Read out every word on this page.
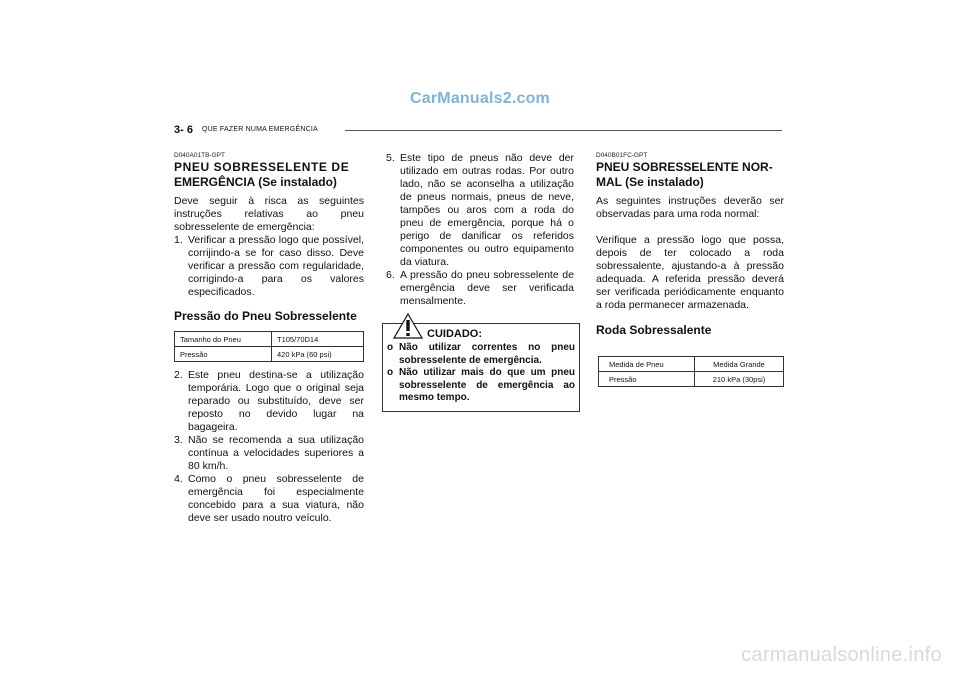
CarManuals2.com
3- 6 QUE FAZER NUMA EMERGÊNCIA
D040A01TB-GPT
PNEU SOBRESSELENTE DE
EMERGÊNCIA (Se instalado)
Deve seguir à risca as seguintes instruções relativas ao pneu sobresselente de emergência:
1. Verificar a pressão logo que possível, corrijindo-a se for caso disso. Deve verificar a pressão com regularidade, corrigindo-a para os valores especificados.
Pressão do Pneu Sobresselente
Tamanho do Pneu	T105/70D14
Pressão	420 kPa (60 psi)
2. Este pneu destina-se a utilização temporária. Logo que o original seja reparado ou substituído, deve ser reposto no devido lugar na bagageira.
3. Não se recomenda a sua utilização contínua a velocidades superiores a 80 km/h.
4. Como o pneu sobresselente de emergência foi especialmente concebido para a sua viatura, não deve ser usado noutro veículo.
5. Este tipo de pneus não deve der utilizado em outras rodas. Por outro lado, não se aconselha a utilização de pneus normais, pneus de neve, tampões ou aros com a roda do pneu de emergência, porque há o perigo de danificar os referidos componentes ou outro equipamento da viatura.
6. A pressão do pneu sobresselente de emergência deve ser verificada mensalmente.
CUIDADO:
o Não utilizar correntes no pneu sobresselente de emergência.
o Não utilizar mais do que um pneu sobresselente de emergência ao mesmo tempo.
D040B01FC-GPT
PNEU SOBRESSELENTE NOR-
MAL (Se instalado)
As seguintes instruções deverão ser observadas para uma roda normal:
Verifique a pressão logo que possa, depois de ter colocado a roda sobressalente, ajustando-a à pressão adequada. A referida pressão deverá ser verificada periódicamente enquanto a roda permanecer armazenada.
Roda Sobressalente
Medida de Pneu	Medida Grande
Pressão	210 kPa (30psi)
carmanualsonline.info
